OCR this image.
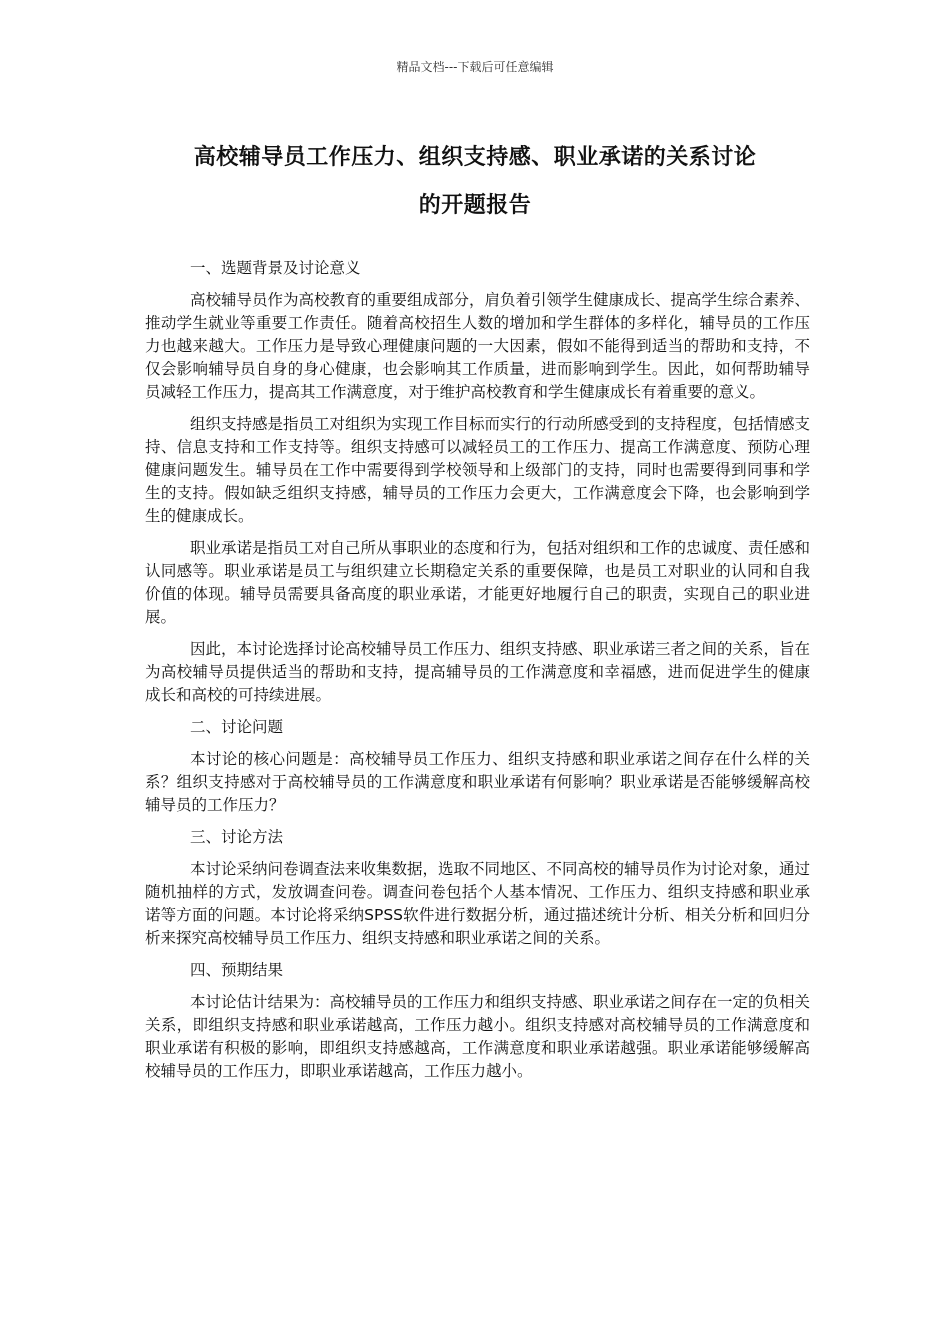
精品文档---下载后可任意编辑
高校辅导员工作压力、组织支持感、职业承诺的关系讨论
的开题报告
一、选题背景及讨论意义

高校辅导员作为高校教育的重要组成部分，肩负着引领学生健康成长、提高学生综合素养、推动学生就业等重要工作责任。随着高校招生人数的增加和学生群体的多样化，辅导员的工作压力也越来越大。工作压力是导致心理健康问题的一大因素，假如不能得到适当的帮助和支持，不仅会影响辅导员自身的身心健康，也会影响其工作质量，进而影响到学生。因此，如何帮助辅导员减轻工作压力，提高其工作满意度，对于维护高校教育和学生健康成长有着重要的意义。

组织支持感是指员工对组织为实现工作目标而实行的行动所感受到的支持程度，包括情感支持、信息支持和工作支持等。组织支持感可以减轻员工的工作压力、提高工作满意度、预防心理健康问题发生。辅导员在工作中需要得到学校领导和上级部门的支持，同时也需要得到同事和学生的支持。假如缺乏组织支持感，辅导员的工作压力会更大，工作满意度会下降，也会影响到学生的健康成长。

职业承诺是指员工对自己所从事职业的态度和行为，包括对组织和工作的忠诚度、责任感和认同感等。职业承诺是员工与组织建立长期稳定关系的重要保障，也是员工对职业的认同和自我价值的体现。辅导员需要具备高度的职业承诺，才能更好地履行自己的职责，实现自己的职业进展。

因此，本讨论选择讨论高校辅导员工作压力、组织支持感、职业承诺三者之间的关系，旨在为高校辅导员提供适当的帮助和支持，提高辅导员的工作满意度和幸福感，进而促进学生的健康成长和高校的可持续进展。

二、讨论问题

本讨论的核心问题是：高校辅导员工作压力、组织支持感和职业承诺之间存在什么样的关系？组织支持感对于高校辅导员的工作满意度和职业承诺有何影响？职业承诺是否能够缓解高校辅导员的工作压力？

三、讨论方法

本讨论采纳问卷调查法来收集数据，选取不同地区、不同高校的辅导员作为讨论对象，通过随机抽样的方式，发放调查问卷。调查问卷包括个人基本情况、工作压力、组织支持感和职业承诺等方面的问题。本讨论将采纳SPSS软件进行数据分析，通过描述统计分析、相关分析和回归分析来探究高校辅导员工作压力、组织支持感和职业承诺之间的关系。

四、预期结果

本讨论估计结果为：高校辅导员的工作压力和组织支持感、职业承诺之间存在一定的负相关关系，即组织支持感和职业承诺越高，工作压力越小。组织支持感对高校辅导员的工作满意度和职业承诺有积极的影响，即组织支持感越高，工作满意度和职业承诺越强。职业承诺能够缓解高校辅导员的工作压力，即职业承诺越高，工作压力越小。
